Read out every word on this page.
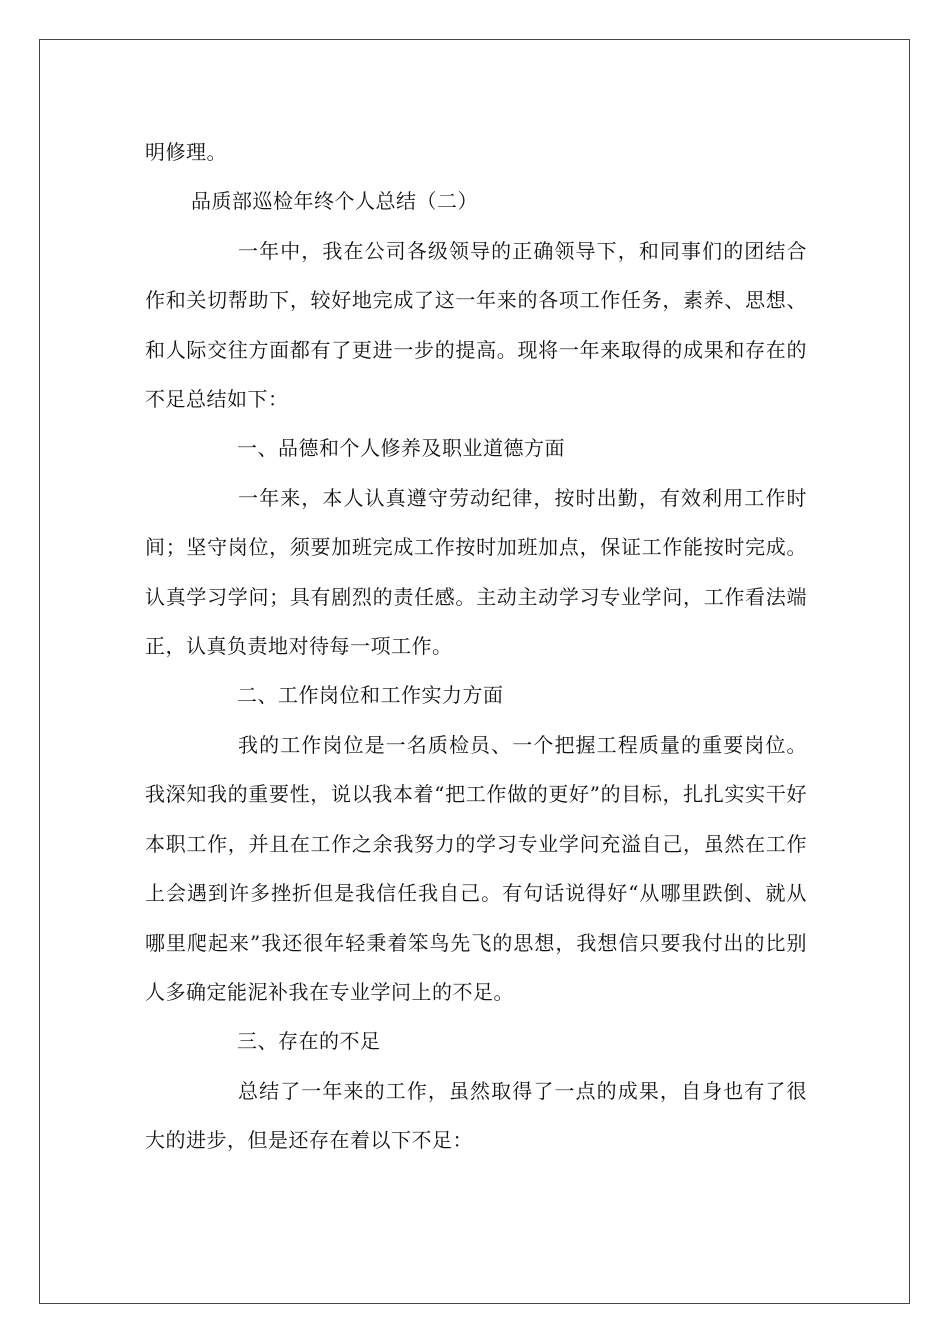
明修理。

品质部巡检年终个人总结（二）

一年中，我在公司各级领导的正确领导下，和同事们的团结合作和关切帮助下，较好地完成了这一年来的各项工作任务，素养、思想、和人际交往方面都有了更进一步的提高。现将一年来取得的成果和存在的不足总结如下：

一、品德和个人修养及职业道德方面

一年来，本人认真遵守劳动纪律，按时出勤，有效利用工作时间；坚守岗位，须要加班完成工作按时加班加点，保证工作能按时完成。认真学习学问；具有剧烈的责任感。主动主动学习专业学问，工作看法端正，认真负责地对待每一项工作。

二、工作岗位和工作实力方面

我的工作岗位是一名质检员、一个把握工程质量的重要岗位。我深知我的重要性，说以我本着“把工作做的更好”的目标，扎扎实实干好本职工作，并且在工作之余我努力的学习专业学问充溢自己，虽然在工作上会遇到许多挫折但是我信任我自己。有句话说得好“从哪里跌倒、就从哪里爬起来”我还很年轻秉着笨鸟先飞的思想，我想信只要我付出的比别人多确定能泥补我在专业学问上的不足。

三、存在的不足

总结了一年来的工作，虽然取得了一点的成果，自身也有了很大的进步，但是还存在着以下不足：
